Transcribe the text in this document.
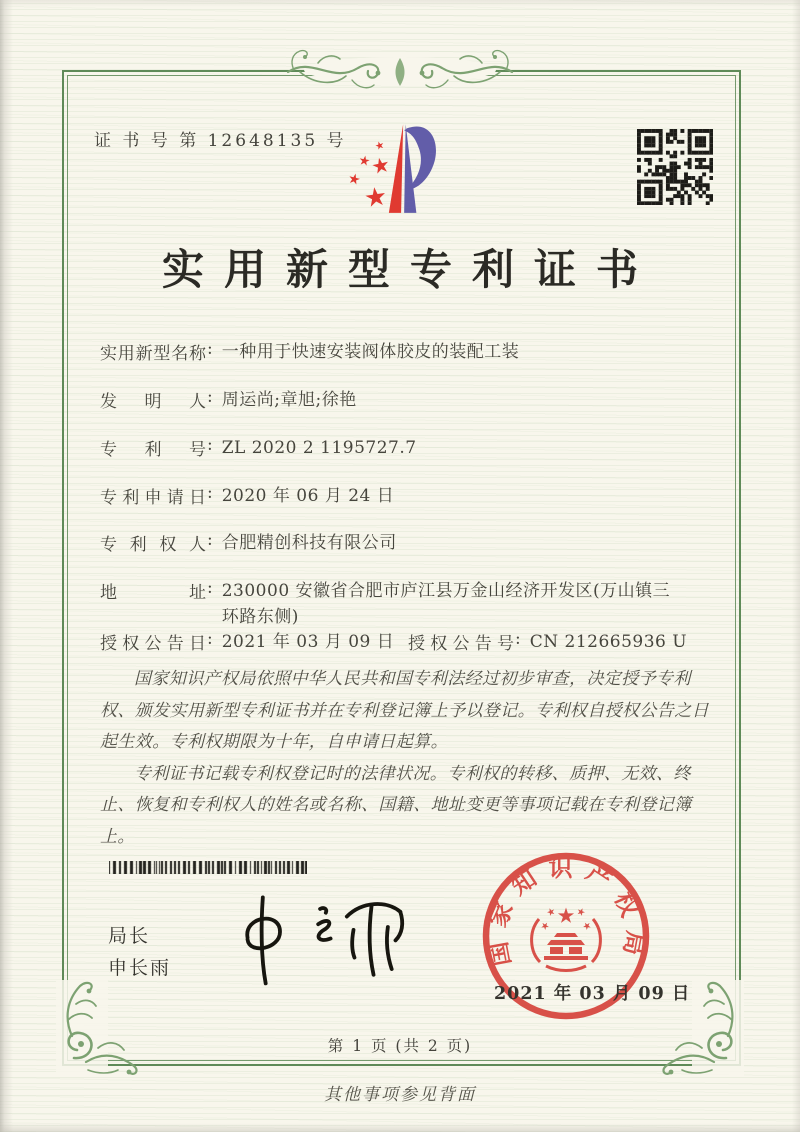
证 书 号 第 12648135 号
实用新型专利证书
实用新型名称 : 一种用于快速安装阀体胶皮的装配工装
发明人 : 周运尚;章旭;徐艳
专利号 : ZL 2020 2 1195727.7
专利申请日 : 2020 年 06 月 24 日
专利权人 : 合肥精创科技有限公司
地址 : 230000 安徽省合肥市庐江县万金山经济开发区(万山镇三环路东侧)
授权公告日 : 2021 年 03 月 09 日 授权公告号 : CN 212665936 U

国家知识产权局依照中华人民共和国专利法经过初步审查，决定授予专利权、颁发实用新型专利证书并在专利登记簿上予以登记。专利权自授权公告之日起生效。专利权期限为十年，自申请日起算。

专利证书记载专利权登记时的法律状况。专利权的转移、质押、无效、终止、恢复和专利权人的姓名或名称、国籍、地址变更等事项记载在专利登记簿上。

局长
申长雨	国家知识产权局
2021 年 03 月 09 日
第 1 页 (共 2 页)
其他事项参见背面
